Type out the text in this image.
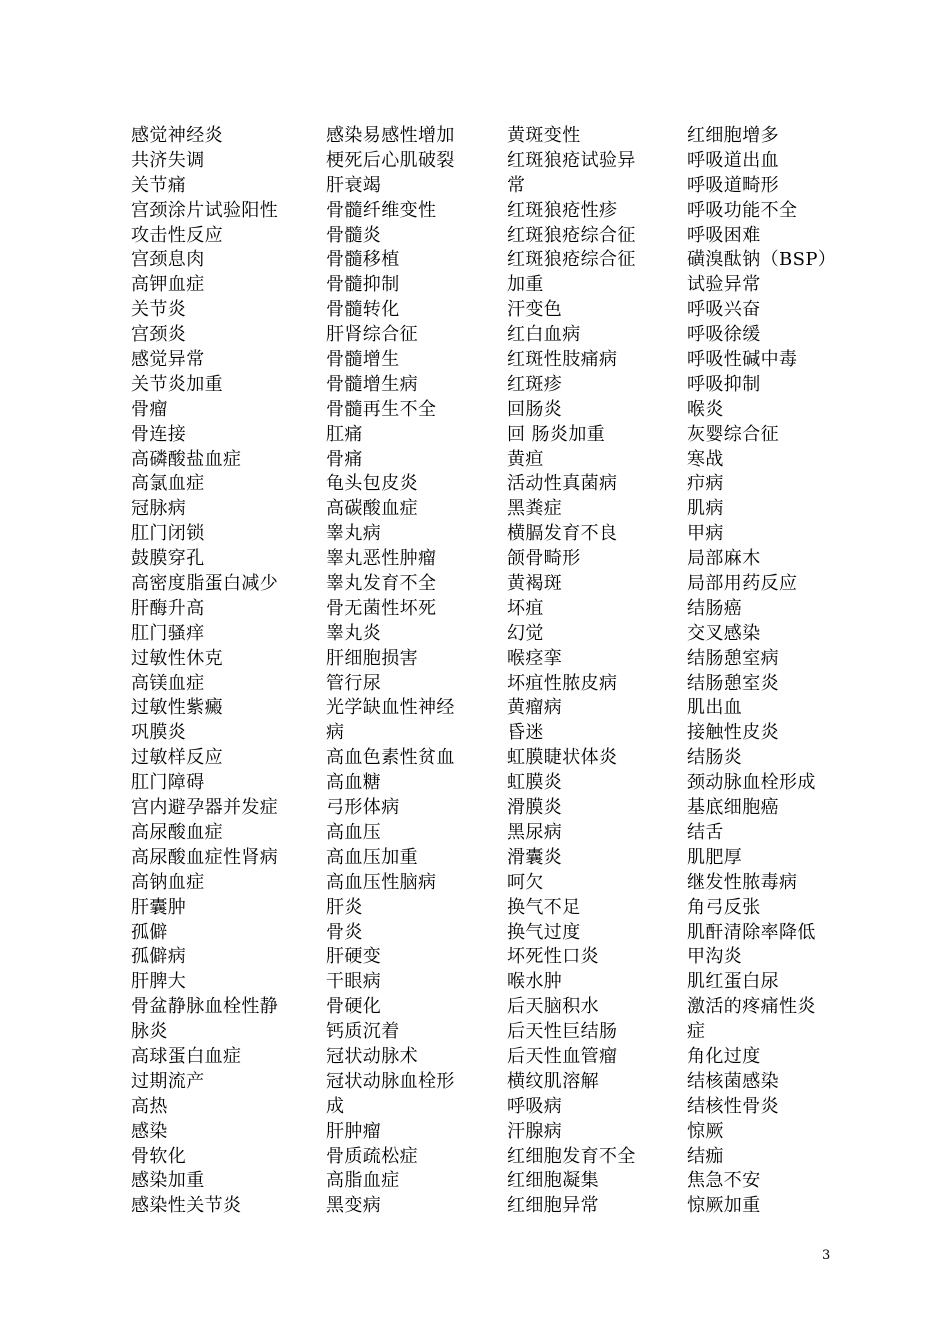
感觉神经炎
共济失调
关节痛
宫颈涂片试验阳性
攻击性反应
宫颈息肉
高钾血症
关节炎
宫颈炎
感觉异常
关节炎加重
骨瘤
骨连接
高磷酸盐血症
高氯血症
冠脉病
肛门闭锁
鼓膜穿孔
高密度脂蛋白减少
肝酶升高
肛门骚痒
过敏性休克
高镁血症
过敏性紫癜
巩膜炎
过敏样反应
肛门障碍
宫内避孕器并发症
高尿酸血症
高尿酸血症性肾病
高钠血症
肝囊肿
孤僻
孤僻病
肝脾大
骨盆静脉血栓性静
脉炎
高球蛋白血症
过期流产
高热
感染
骨软化
感染加重
感染性关节炎
感染易感性增加
梗死后心肌破裂
肝衰竭
骨髓纤维变性
骨髓炎
骨髓移植
骨髓抑制
骨髓转化
肝肾综合征
骨髓增生
骨髓增生病
骨髓再生不全
肛痛
骨痛
龟头包皮炎
高碳酸血症
睾丸病
睾丸恶性肿瘤
睾丸发育不全
骨无菌性坏死
睾丸炎
肝细胞损害
管行尿
光学缺血性神经
病
高血色素性贫血
高血糖
弓形体病
高血压
高血压加重
高血压性脑病
肝炎
骨炎
肝硬变
干眼病
骨硬化
钙质沉着
冠状动脉术
冠状动脉血栓形
成
肝肿瘤
骨质疏松症
高脂血症
黑变病
黄斑变性
红斑狼疮试验异
常
红斑狼疮性疹
红斑狼疮综合征
红斑狼疮综合征
加重
汗变色
红白血病
红斑性肢痛病
红斑疹
回肠炎
回 肠炎加重
黄疸
活动性真菌病
黑粪症
横膈发育不良
颌骨畸形
黄褐斑
坏疽
幻觉
喉痉挛
坏疽性脓皮病
黄瘤病
昏迷
虹膜睫状体炎
虹膜炎
滑膜炎
黑尿病
滑囊炎
呵欠
换气不足
换气过度
坏死性口炎
喉水肿
后天脑积水
后天性巨结肠
后天性血管瘤
横纹肌溶解
呼吸病
汗腺病
红细胞发育不全
红细胞凝集
红细胞异常
红细胞增多
呼吸道出血
呼吸道畸形
呼吸功能不全
呼吸困难
磺溴酞钠（BSP）
试验异常
呼吸兴奋
呼吸徐缓
呼吸性碱中毒
呼吸抑制
喉炎
灰婴综合征
寒战
疖病
肌病
甲病
局部麻木
局部用药反应
结肠癌
交叉感染
结肠憩室病
结肠憩室炎
肌出血
接触性皮炎
结肠炎
颈动脉血栓形成
基底细胞癌
结舌
肌肥厚
继发性脓毒病
角弓反张
肌酐清除率降低
甲沟炎
肌红蛋白尿
激活的疼痛性炎
症
角化过度
结核菌感染
结核性骨炎
惊厥
结痂
焦急不安
惊厥加重
3
